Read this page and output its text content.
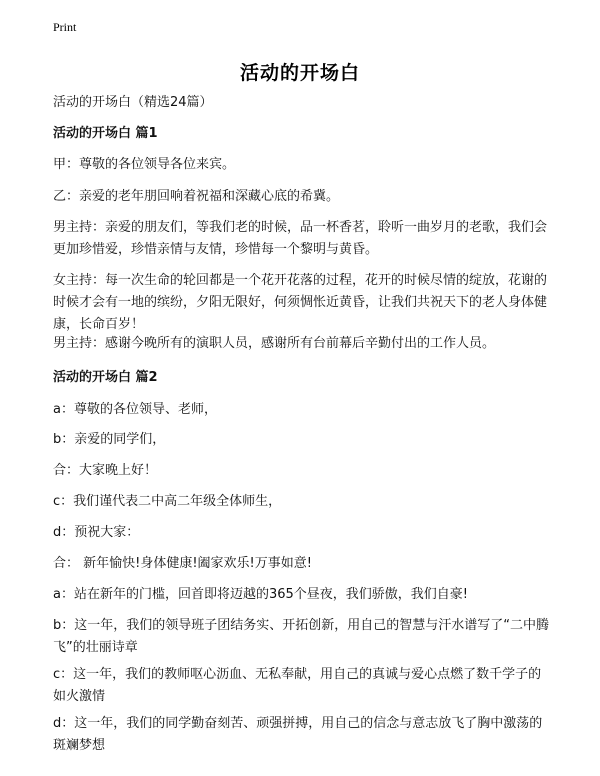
Print
活动的开场白
活动的开场白（精选24篇）
活动的开场白 篇1
甲：尊敬的各位领导各位来宾。
乙：亲爱的老年朋回响着祝福和深藏心底的希冀。
男主持：亲爱的朋友们，等我们老的时候，品一杯香茗，聆听一曲岁月的老歌，我们会更加珍惜爱，珍惜亲情与友情，珍惜每一个黎明与黄昏。
女主持：每一次生命的轮回都是一个花开花落的过程，花开的时候尽情的绽放，花谢的时候才会有一地的缤纷，夕阳无限好，何须惆怅近黄昏，让我们共祝天下的老人身体健康，长命百岁！
男主持：感谢今晚所有的演职人员，感谢所有台前幕后辛勤付出的工作人员。
活动的开场白 篇2
a：尊敬的各位领导、老师，
b：亲爱的同学们，
合：大家晚上好！
c：我们谨代表二中高二年级全体师生，
d：预祝大家：
合： 新年愉快!身体健康!阖家欢乐!万事如意!
a：站在新年的门槛，回首即将迈越的365个昼夜，我们骄傲，我们自豪!
b：这一年，我们的领导班子团结务实、开拓创新，用自己的智慧与汗水谱写了“二中腾飞”的壮丽诗章
c：这一年，我们的教师呕心沥血、无私奉献，用自己的真诚与爱心点燃了数千学子的如火激情
d：这一年，我们的同学勤奋刻苦、顽强拼搏，用自己的信念与意志放飞了胸中激荡的斑斓梦想
